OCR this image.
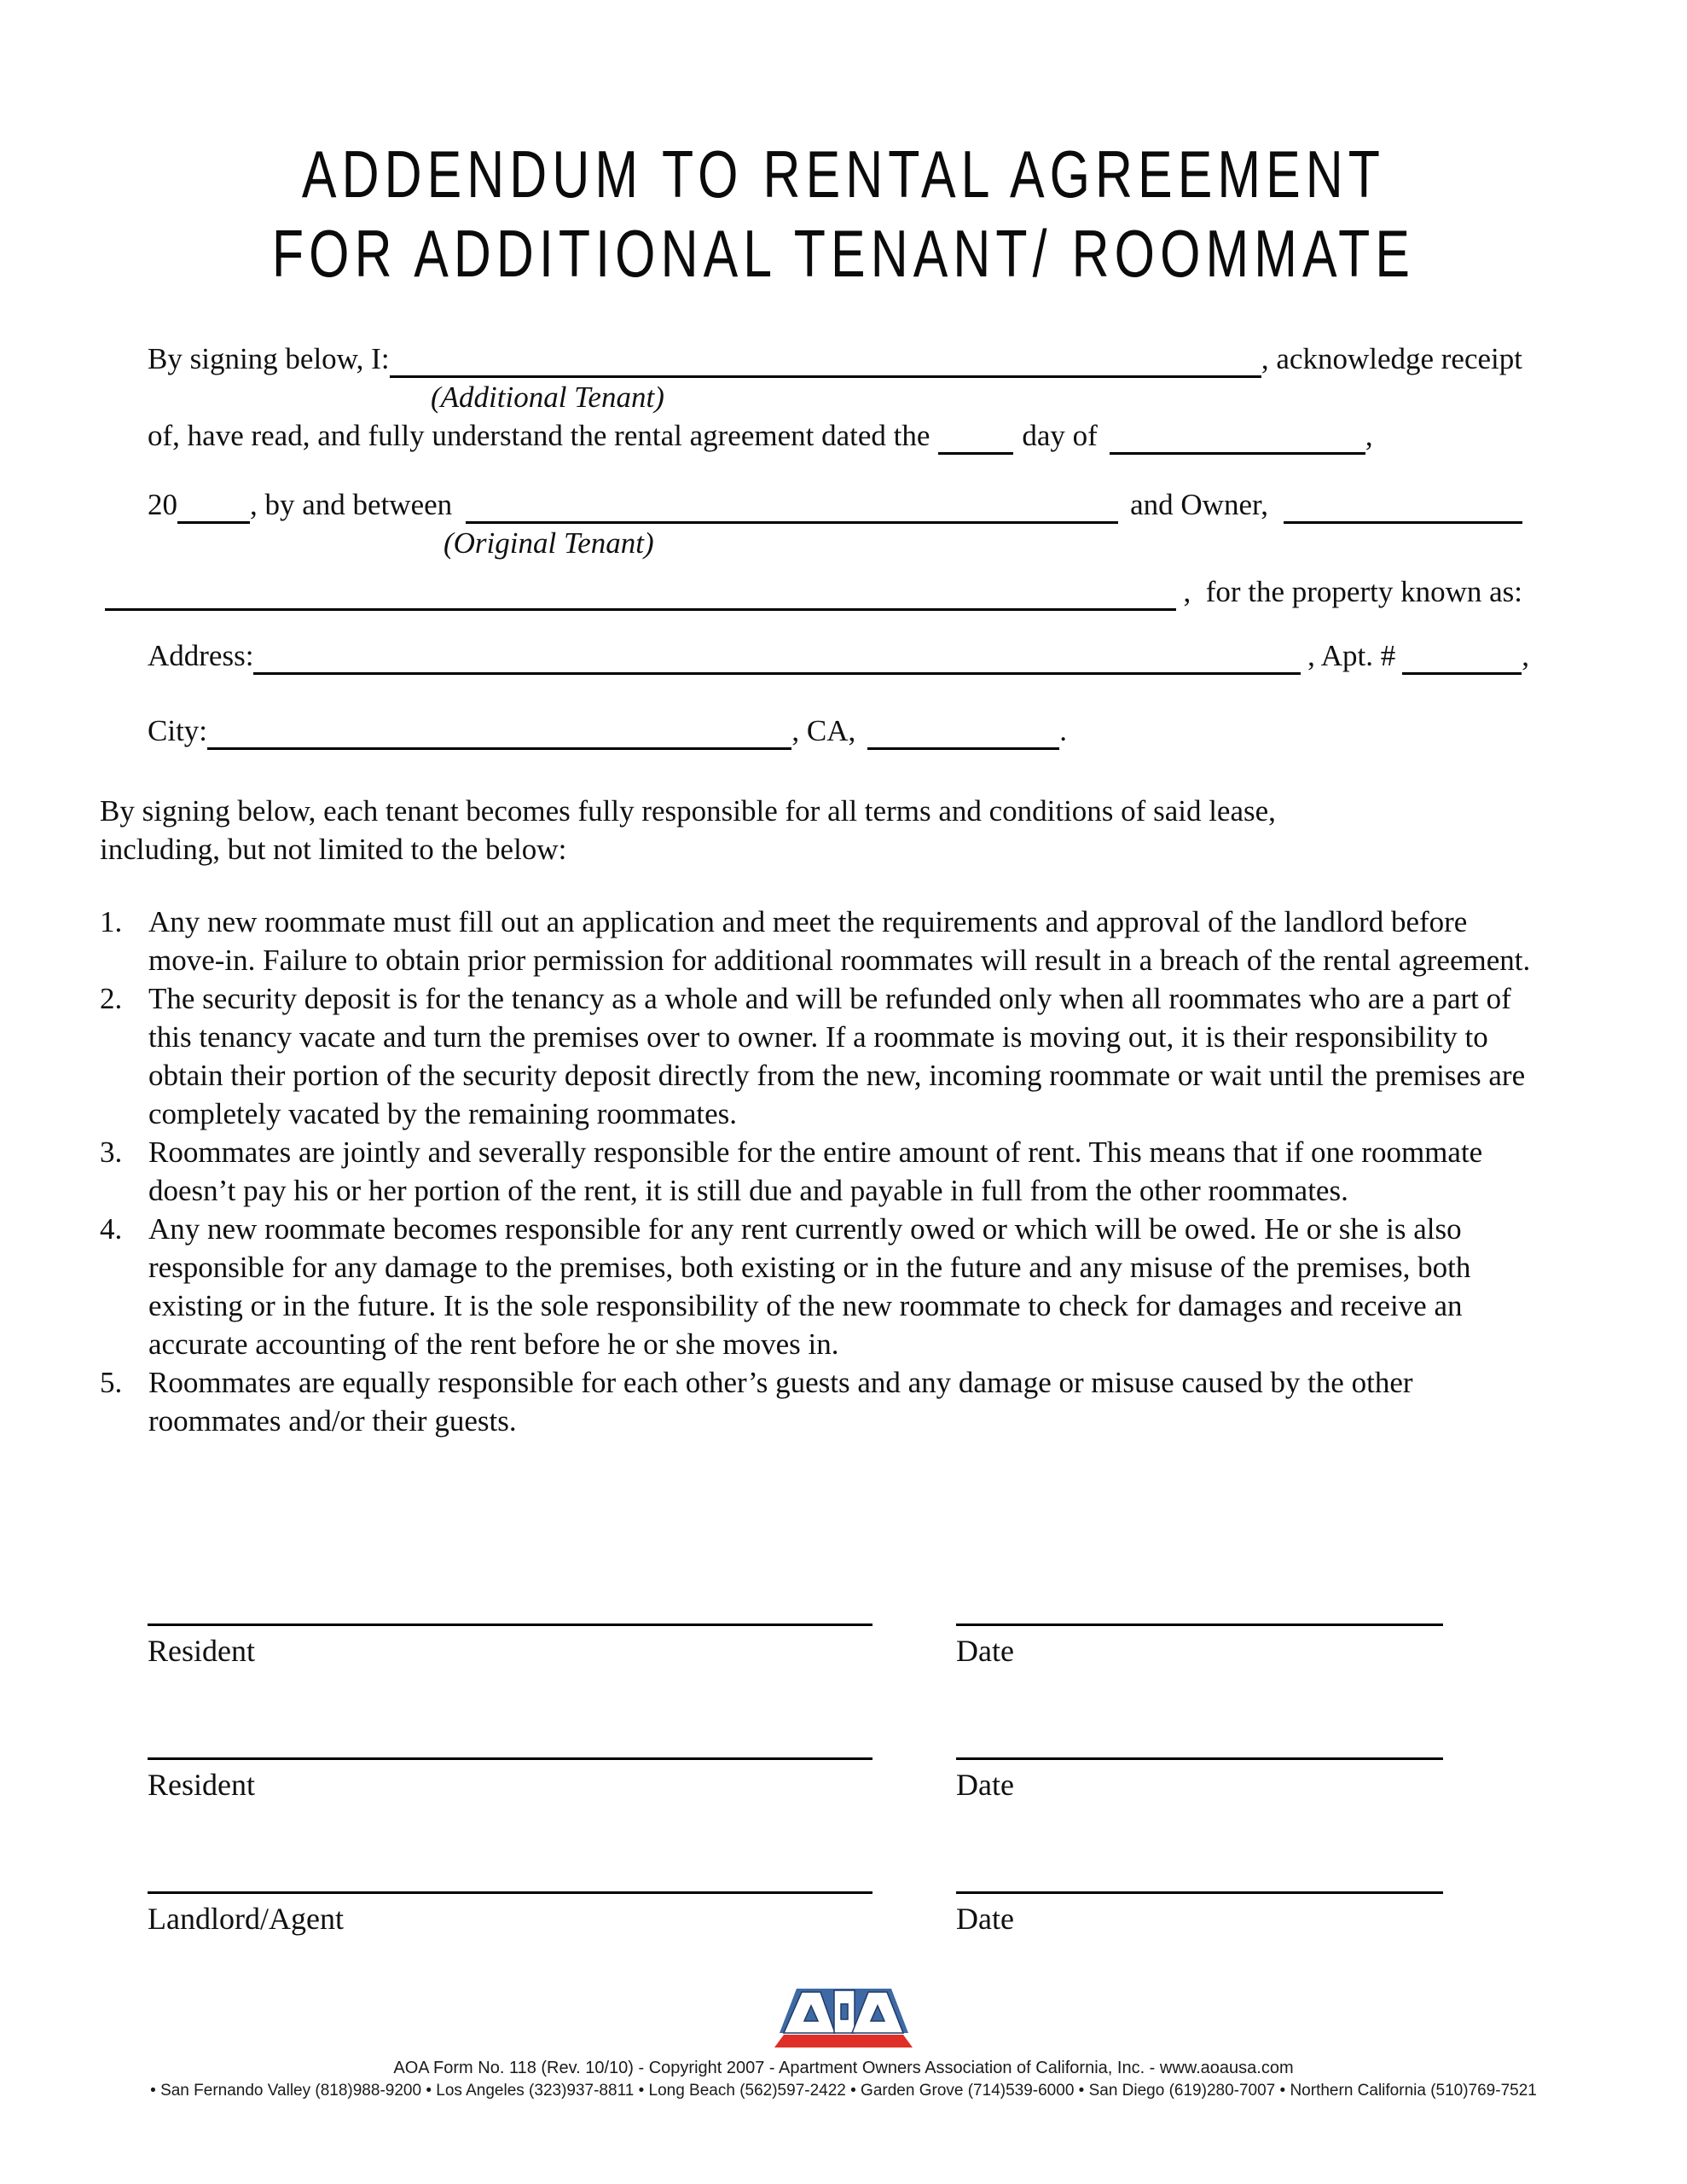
ADDENDUM TO RENTAL AGREEMENT
FOR ADDITIONAL TENANT/ ROOMMATE
By signing below, I:	, acknowledge receipt
(Additional Tenant)
of, have read, and fully understand the rental agreement dated the	day of	,
20 , by and between	and Owner,
(Original Tenant)
,  for the property known as:
Address:	, Apt. #	,
City:	, CA,	.
By signing below, each tenant becomes fully responsible for all terms and conditions of said lease,
including, but not limited to the below:
1. Any new roommate must fill out an application and meet the requirements and approval of the landlord before move-in. Failure to obtain prior permission for additional roommates will result in a breach of the rental agreement.
2. The security deposit is for the tenancy as a whole and will be refunded only when all roommates who are a part of this tenancy vacate and turn the premises over to owner. If a roommate is moving out, it is their responsibility to obtain their portion of the security deposit directly from the new, incoming roommate or wait until the premises are completely vacated by the remaining roommates.
3. Roommates are jointly and severally responsible for the entire amount of rent. This means that if one roommate doesn’t pay his or her portion of the rent, it is still due and payable in full from the other roommates.
4. Any new roommate becomes responsible for any rent currently owed or which will be owed. He or she is also responsible for any damage to the premises, both existing or in the future and any misuse of the premises, both existing or in the future. It is the sole responsibility of the new roommate to check for damages and receive an accurate accounting of the rent before he or she moves in.
5. Roommates are equally responsible for each other’s guests and any damage or misuse caused by the other roommates and/or their guests.
Resident	Date
Resident	Date
Landlord/Agent	Date
AOA Form No. 118 (Rev. 10/10) - Copyright 2007 - Apartment Owners Association of California, Inc. - www.aoausa.com
• San Fernando Valley (818)988-9200 • Los Angeles (323)937-8811 • Long Beach (562)597-2422 • Garden Grove (714)539-6000 • San Diego (619)280-7007 • Northern California (510)769-7521
